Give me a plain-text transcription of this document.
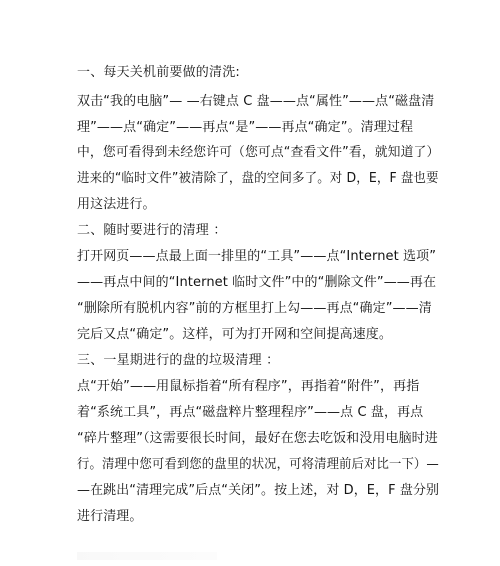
一、每天关机前要做的清洗:
双击“我的电脑”— —右键点 C 盘——点“属性”——点“磁盘清
理”——点“确定”——再点“是”——再点“确定”。清理过程
中，您可看得到未经您许可（您可点“查看文件”看，就知道了）
进来的“临时文件”被清除了，盘的空间多了。对 D，E，F 盘也要
用这法进行。
二、随时要进行的清理 ：
打开网页——点最上面一排里的“工具”——点“Internet 选项”
——再点中间的“Internet 临时文件”中的“删除文件”——再在
“删除所有脱机内容”前的方框里打上勾——再点“确定”——清
完后又点“确定”。这样，可为打开网和空间提高速度。
三、一星期进行的盘的垃圾清理 ：
点“开始”——用鼠标指着“所有程序”，再指着“附件”，再指
着“系统工具”，再点“磁盘粹片整理程序”——点 C 盘，再点
“碎片整理”（这需要很长时间，最好在您去吃饭和没用电脑时进
行。清理中您可看到您的盘里的状况，可将清理前后对比一下）—
—在跳出“清理完成”后点“关闭”。按上述，对 D，E，F 盘分别
进行清理。
